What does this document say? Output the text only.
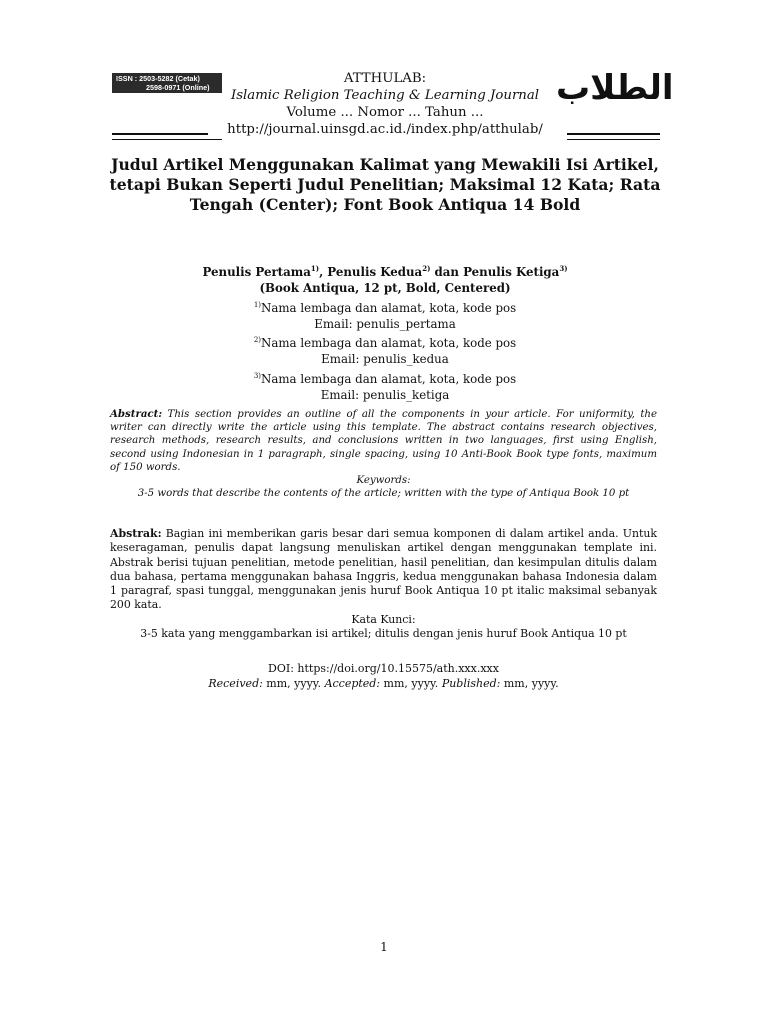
ISSN : 2503-5282 (Cetak)
2598-0971 (Online)
ATTHULAB:
Islamic Religion Teaching & Learning Journal
Volume ... Nomor ... Tahun ...
http://journal.uinsgd.ac.id./index.php/atthulab/
الطلاب
Judul Artikel Menggunakan Kalimat yang Mewakili Isi Artikel,
tetapi Bukan Seperti Judul Penelitian; Maksimal 12 Kata; Rata
Tengah (Center); Font Book Antiqua 14 Bold
Penulis Pertama$^{1)}$, Penulis Kedua$^{2)}$ dan Penulis Ketiga$^{3)}$
(Book Antiqua, 12 pt, Bold, Centered)
$^{1)}$Nama lembaga dan alamat, kota, kode pos
Email: penulis_pertama
$^{2)}$Nama lembaga dan alamat, kota, kode pos
Email: penulis_kedua
$^{3)}$Nama lembaga dan alamat, kota, kode pos
Email: penulis_ketiga
Abstract: This section provides an outline of all the components in your article. For uniformity, the writer can directly write the article using this template. The abstract contains research objectives, research methods, research results, and conclusions written in two languages, first using English, second using Indonesian in 1 paragraph, single spacing, using 10 Anti-Book Book type fonts, maximum of 150 words.
Keywords:
3-5 words that describe the contents of the article; written with the type of Antiqua Book 10 pt
Abstrak: Bagian ini memberikan garis besar dari semua komponen di dalam artikel anda. Untuk keseragaman, penulis dapat langsung menuliskan artikel dengan menggunakan template ini. Abstrak berisi tujuan penelitian, metode penelitian, hasil penelitian, dan kesimpulan ditulis dalam dua bahasa, pertama menggunakan bahasa Inggris, kedua menggunakan bahasa Indonesia dalam 1 paragraf, spasi tunggal, menggunakan jenis huruf Book Antiqua 10 pt italic maksimal sebanyak 200 kata.
Kata Kunci:
3-5 kata yang menggambarkan isi artikel; ditulis dengan jenis huruf Book Antiqua 10 pt
DOI: https://doi.org/10.15575/ath.xxx.xxx
Received: mm, yyyy. Accepted: mm, yyyy. Published: mm, yyyy.
1
